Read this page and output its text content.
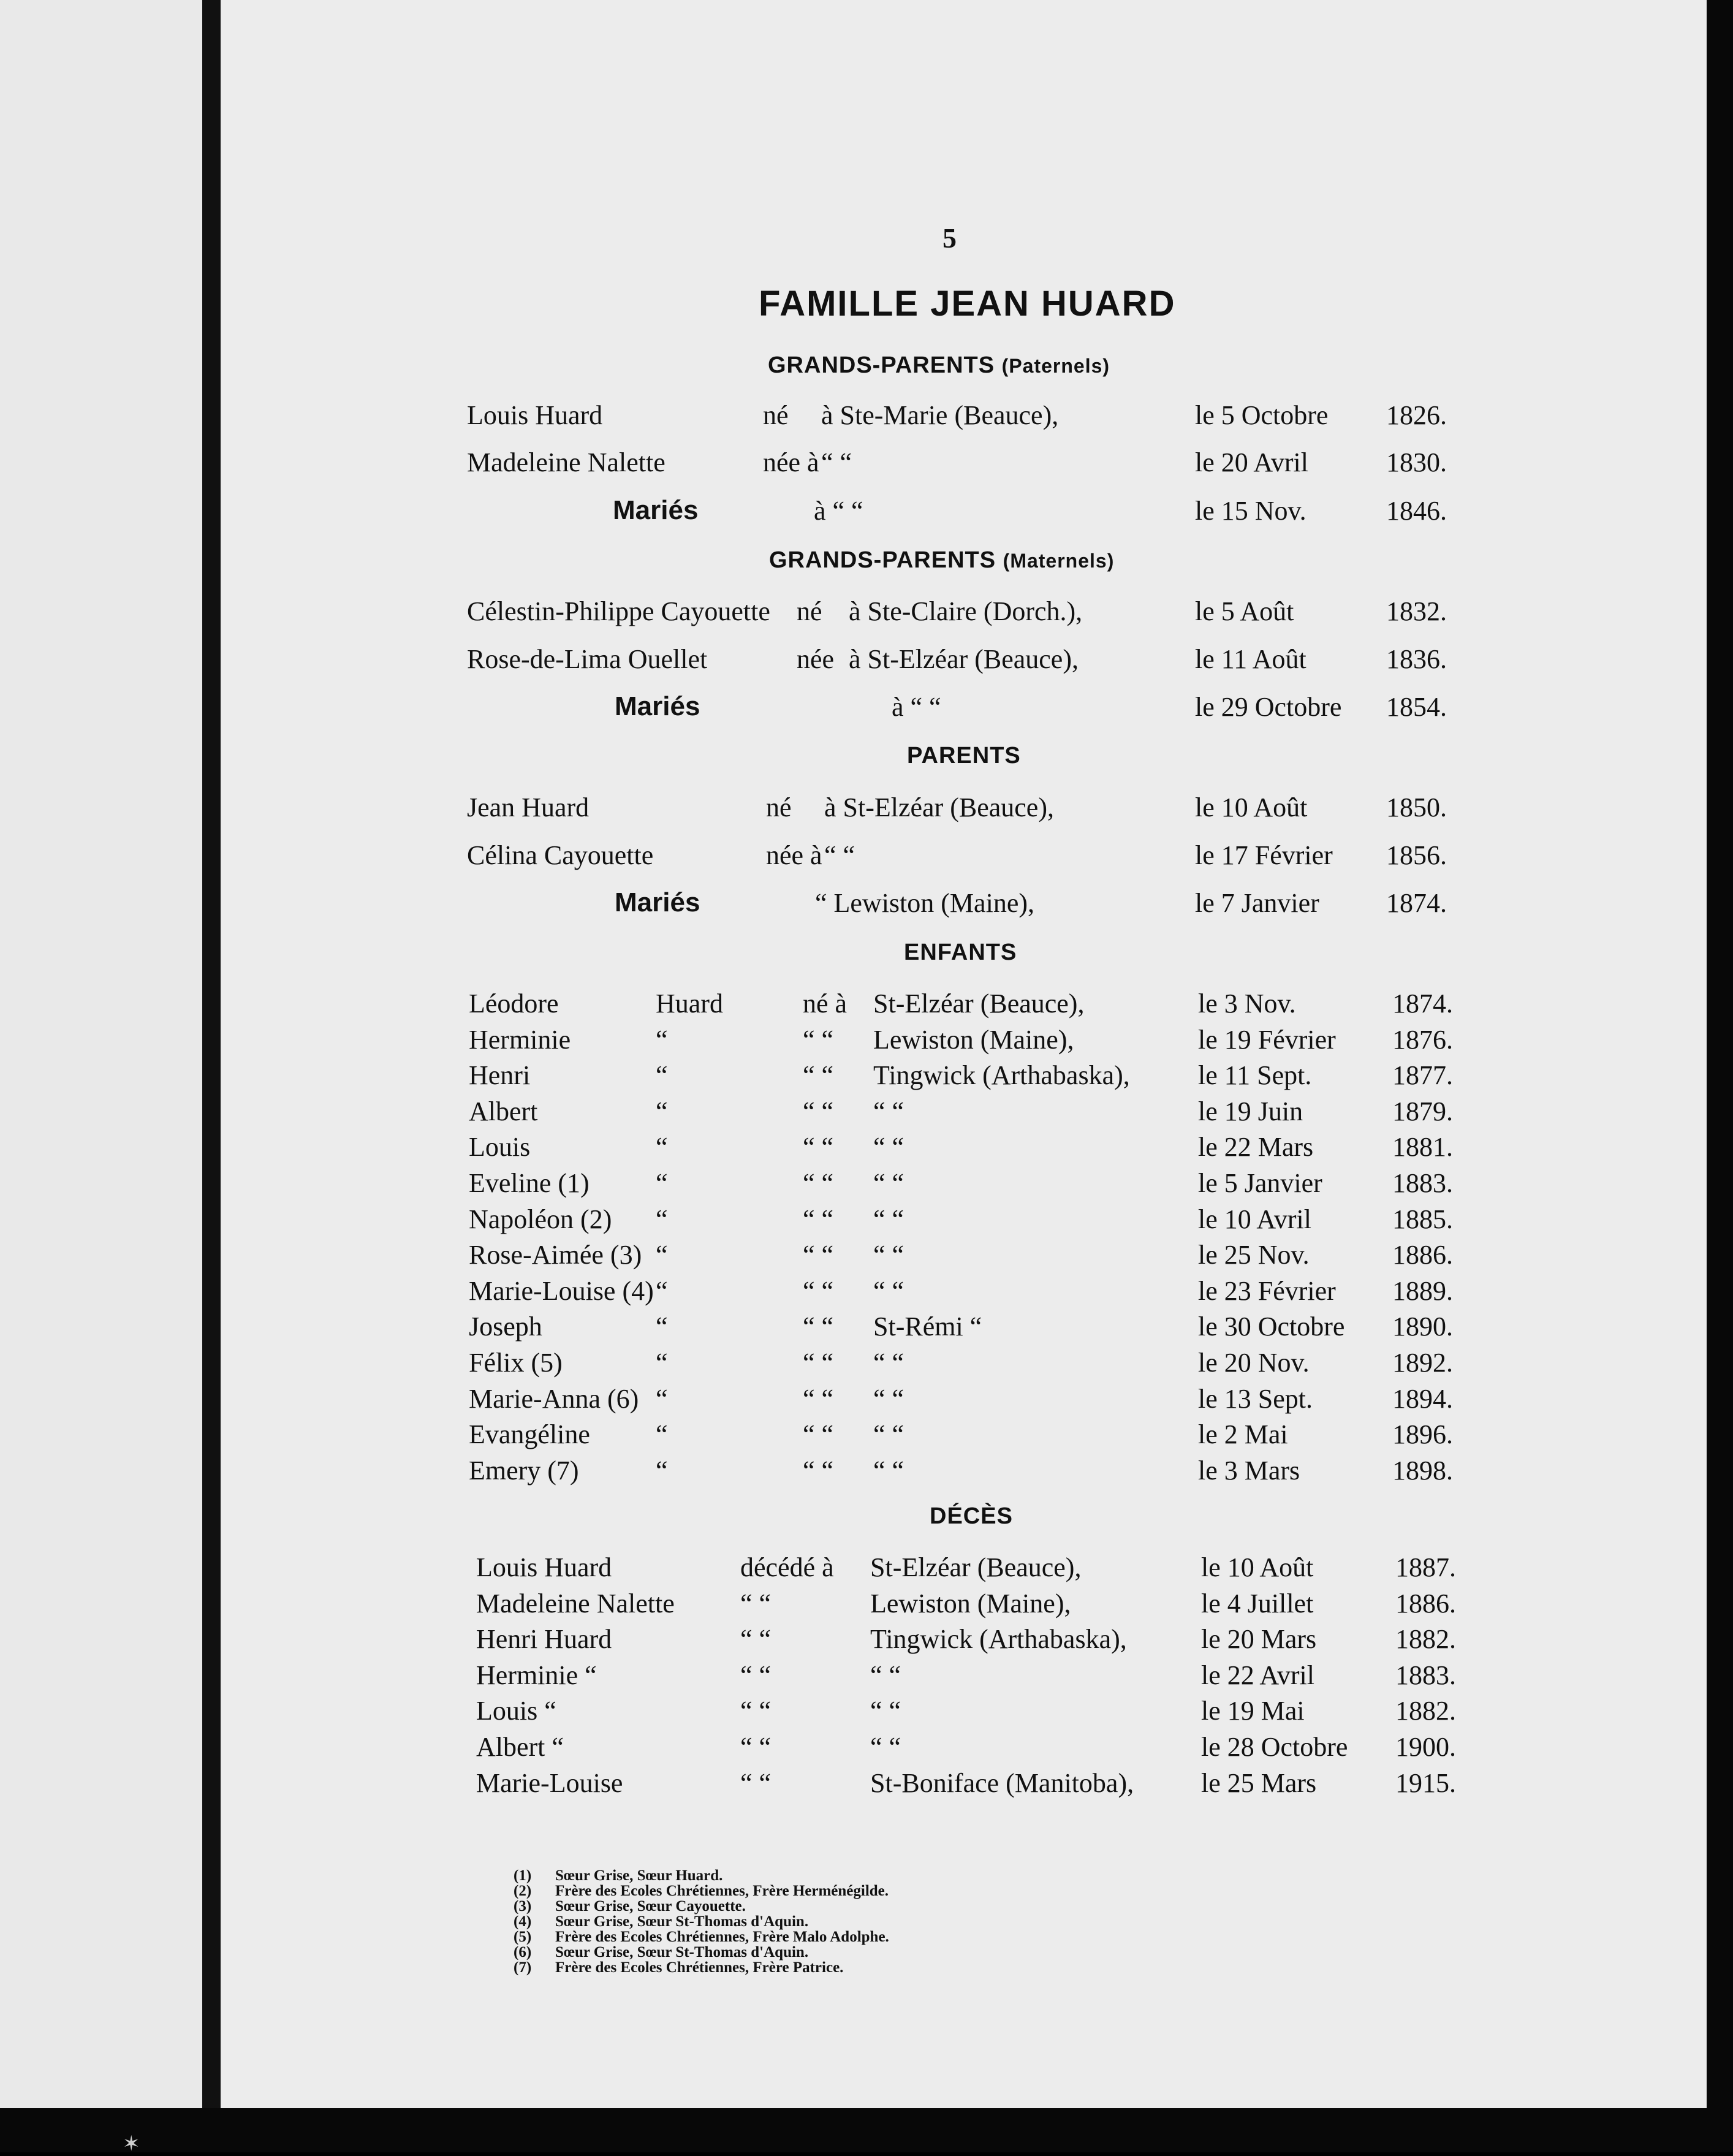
✶
5
FAMILLE JEAN HUARD
GRANDS-PARENTS (Paternels)
Louis Huard	né à Ste-Marie (Beauce),	le 5 Octobre 1826.
Madeleine Nalette	née à “ “	le 20 Avril	1830.
Mariés	à “ “	le 15 Nov.	1846.
GRANDS-PARENTS (Maternels)
Célestin-Philippe Cayouette né à Ste-Claire (Dorch.),	le 5 Août	1832.
Rose-de-Lima Ouellet	née à St-Elzéar (Beauce),	le 11 Août	1836.
Mariés	à “ “	le 29 Octobre 1854.
PARENTS
Jean Huard	né à St-Elzéar (Beauce),	le 10 Août	1850.
Célina Cayouette	née à “ “	le 17 Février 1856.
Mariés	“ Lewiston (Maine),	le 7 Janvier 1874.
ENFANTS
Léodore	Huard	né à St-Elzéar (Beauce),	le 3 Nov.	1874.
Herminie	“	“ “ Lewiston (Maine),	le 19 Février 1876.
Henri	“	“ “ Tingwick (Arthabaska),	le 11 Sept.	1877.
Albert	“	“ “ “ “	le 19 Juin	1879.
Louis	“	“ “ “ “	le 22 Mars	1881.
Eveline (1) “	“ “ “ “	le 5 Janvier	1883.
Napoléon (2) “	“ “ “ “	le 10 Avril	1885.
Rose-Aimée (3) “	“ “ “ “	le 25 Nov.	1886.
Marie-Louise (4) “	“ “ “ “	le 23 Février 1889.
Joseph	“	“ “ St-Rémi “	le 30 Octobre 1890.
Félix (5)	“	“ “ “ “	le 20 Nov.	1892.
Marie-Anna (6) “	“ “ “ “	le 13 Sept.	1894.
Evangéline “	“ “ “ “	le 2 Mai	1896.
Emery (7)	“	“ “ “ “	le 3 Mars	1898.
DÉCÈS
Louis Huard	décédé à St-Elzéar (Beauce),	le 10 Août	1887.
Madeleine Nalette “ “	Lewiston (Maine),	le 4 Juillet	1886.
Henri Huard	“ “	Tingwick (Arthabaska),	le 20 Mars	1882.
Herminie “	“ “	“ “	le 22 Avril	1883.
Louis “	“ “	“ “	le 19 Mai	1882.
Albert “	“ “	“ “	le 28 Octobre 1900.
Marie-Louise	“ “	St-Boniface (Manitoba), le 25 Mars	1915.
(1) Sœur Grise, Sœur Huard.
(2) Frère des Ecoles Chrétiennes, Frère Herménégilde.
(3) Sœur Grise, Sœur Cayouette.
(4) Sœur Grise, Sœur St-Thomas d'Aquin.
(5) Frère des Ecoles Chrétiennes, Frère Malo Adolphe.
(6) Sœur Grise, Sœur St-Thomas d'Aquin.
(7) Frère des Ecoles Chrétiennes, Frère Patrice.
